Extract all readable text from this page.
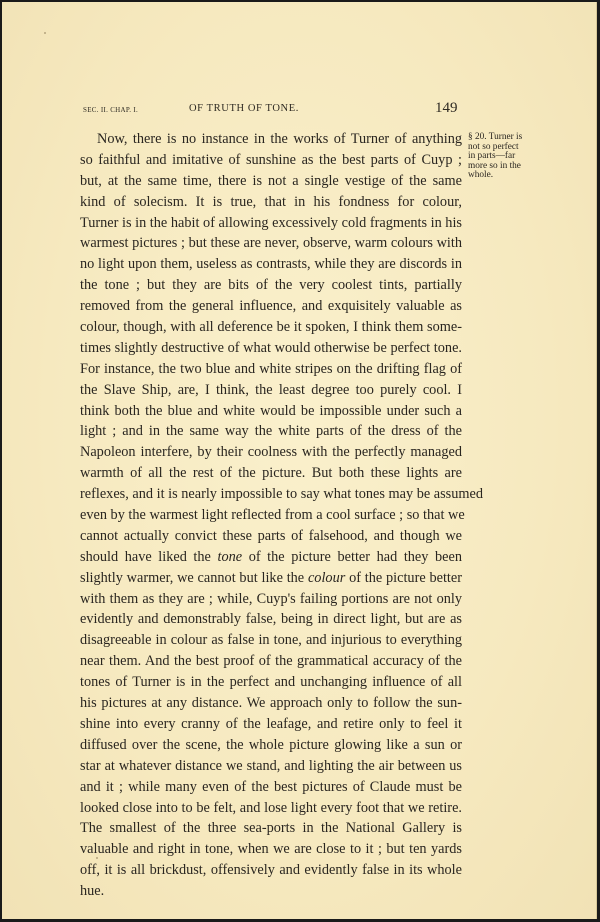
SEC. II. CHAP. I.	OF TRUTH OF TONE.	149
§ 20. Turner is
not so perfect
in parts—far
more so in the
whole.
Now, there is no instance in the works of Turner of anything
so faithful and imitative of sunshine as the best parts of Cuyp ;
but, at the same time, there is not a single vestige of the same
kind of solecism. It is true, that in his fondness for colour,
Turner is in the habit of allowing excessively cold fragments in his
warmest pictures ; but these are never, observe, warm colours with
no light upon them, useless as contrasts, while they are discords in
the tone ; but they are bits of the very coolest tints, partially
removed from the general influence, and exquisitely valuable as
colour, though, with all deference be it spoken, I think them some-
times slightly destructive of what would otherwise be perfect tone.
For instance, the two blue and white stripes on the drifting flag of
the Slave Ship, are, I think, the least degree too purely cool. I
think both the blue and white would be impossible under such a
light ; and in the same way the white parts of the dress of the
Napoleon interfere, by their coolness with the perfectly managed
warmth of all the rest of the picture. But both these lights are
reflexes, and it is nearly impossible to say what tones may be assumed
even by the warmest light reflected from a cool surface ; so that we
cannot actually convict these parts of falsehood, and though we
should have liked the tone of the picture better had they been
slightly warmer, we cannot but like the colour of the picture better
with them as they are ; while, Cuyp's failing portions are not only
evidently and demonstrably false, being in direct light, but are as
disagreeable in colour as false in tone, and injurious to everything
near them. And the best proof of the grammatical accuracy of the
tones of Turner is in the perfect and unchanging influence of all
his pictures at any distance. We approach only to follow the sun-
shine into every cranny of the leafage, and retire only to feel it
diffused over the scene, the whole picture glowing like a sun or
star at whatever distance we stand, and lighting the air between us
and it ; while many even of the best pictures of Claude must be
looked close into to be felt, and lose light every foot that we retire.
The smallest of the three sea-ports in the National Gallery is
valuable and right in tone, when we are close to it ; but ten yards
off, it is all brickdust, offensively and evidently false in its whole
hue.
